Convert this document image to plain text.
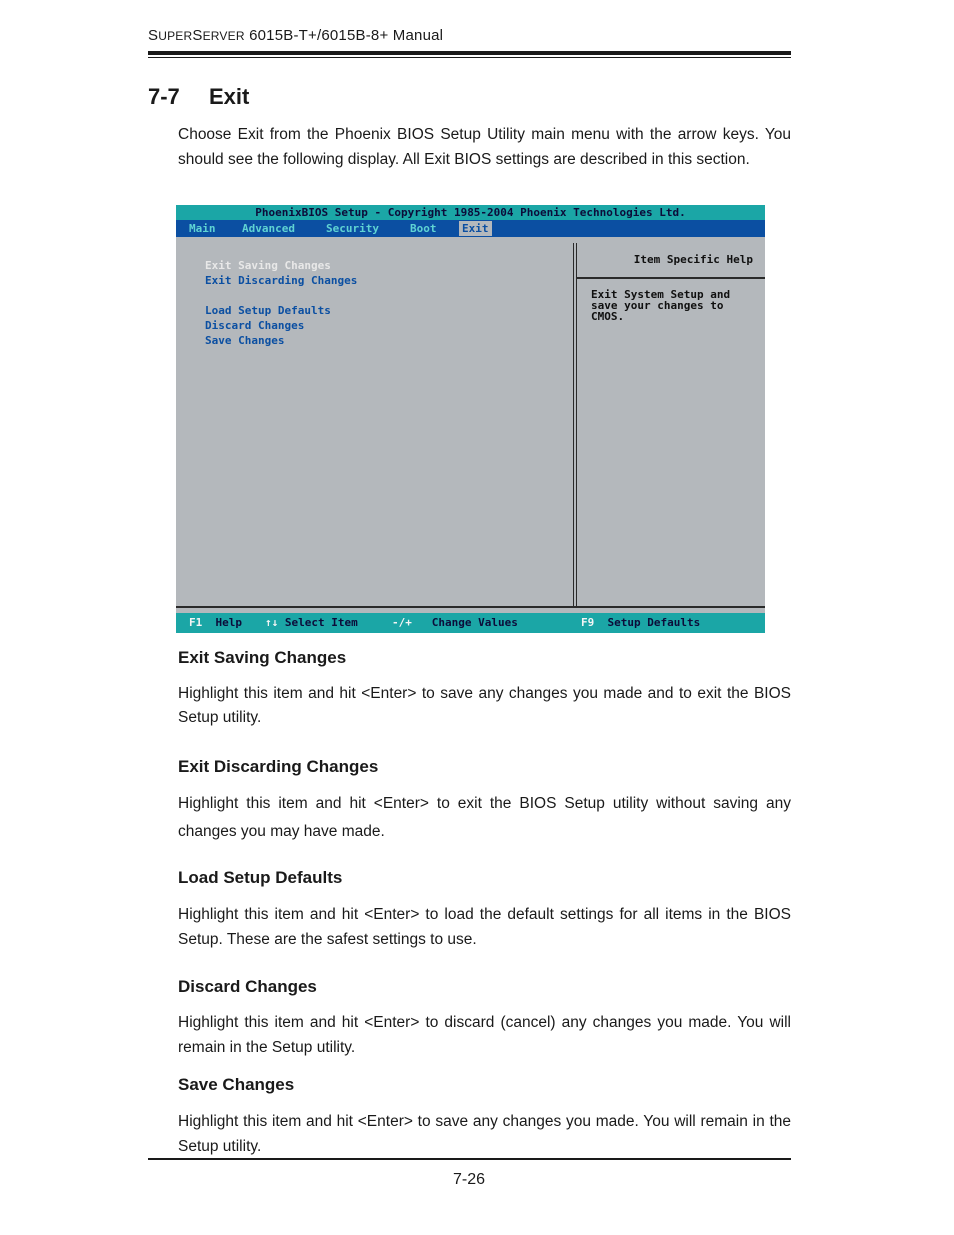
SUPERSERVER 6015B-T+/6015B-8+ Manual
7-7 Exit
Choose Exit from the Phoenix BIOS Setup Utility main menu with the arrow keys. You should see the following display. All Exit BIOS settings are described in this section.
PhoenixBIOS Setup - Copyright 1985-2004 Phoenix Technologies Ltd.
Main Advanced	Security	Boot Exit
Exit Saving Changes
Exit Discarding Changes
Load Setup Defaults
Discard Changes
Save Changes
Item Specific Help
Exit System Setup and
save your changes to
CMOS.
F1 Help ↑↓ Select Item	-/+ Change Values	F9 Setup Defaults
Exit Saving Changes
Highlight this item and hit <Enter> to save any changes you made and to exit the BIOS Setup utility.
Exit Discarding Changes
Highlight this item and hit <Enter> to exit the BIOS Setup utility without saving any changes you may have made.
Load Setup Defaults
Highlight this item and hit <Enter> to load the default settings for all items in the BIOS Setup. These are the safest settings to use.
Discard Changes
Highlight this item and hit <Enter> to discard (cancel) any changes you made. You will remain in the Setup utility.
Save Changes
Highlight this item and hit <Enter> to save any changes you made. You will remain in the Setup utility.
7-26
